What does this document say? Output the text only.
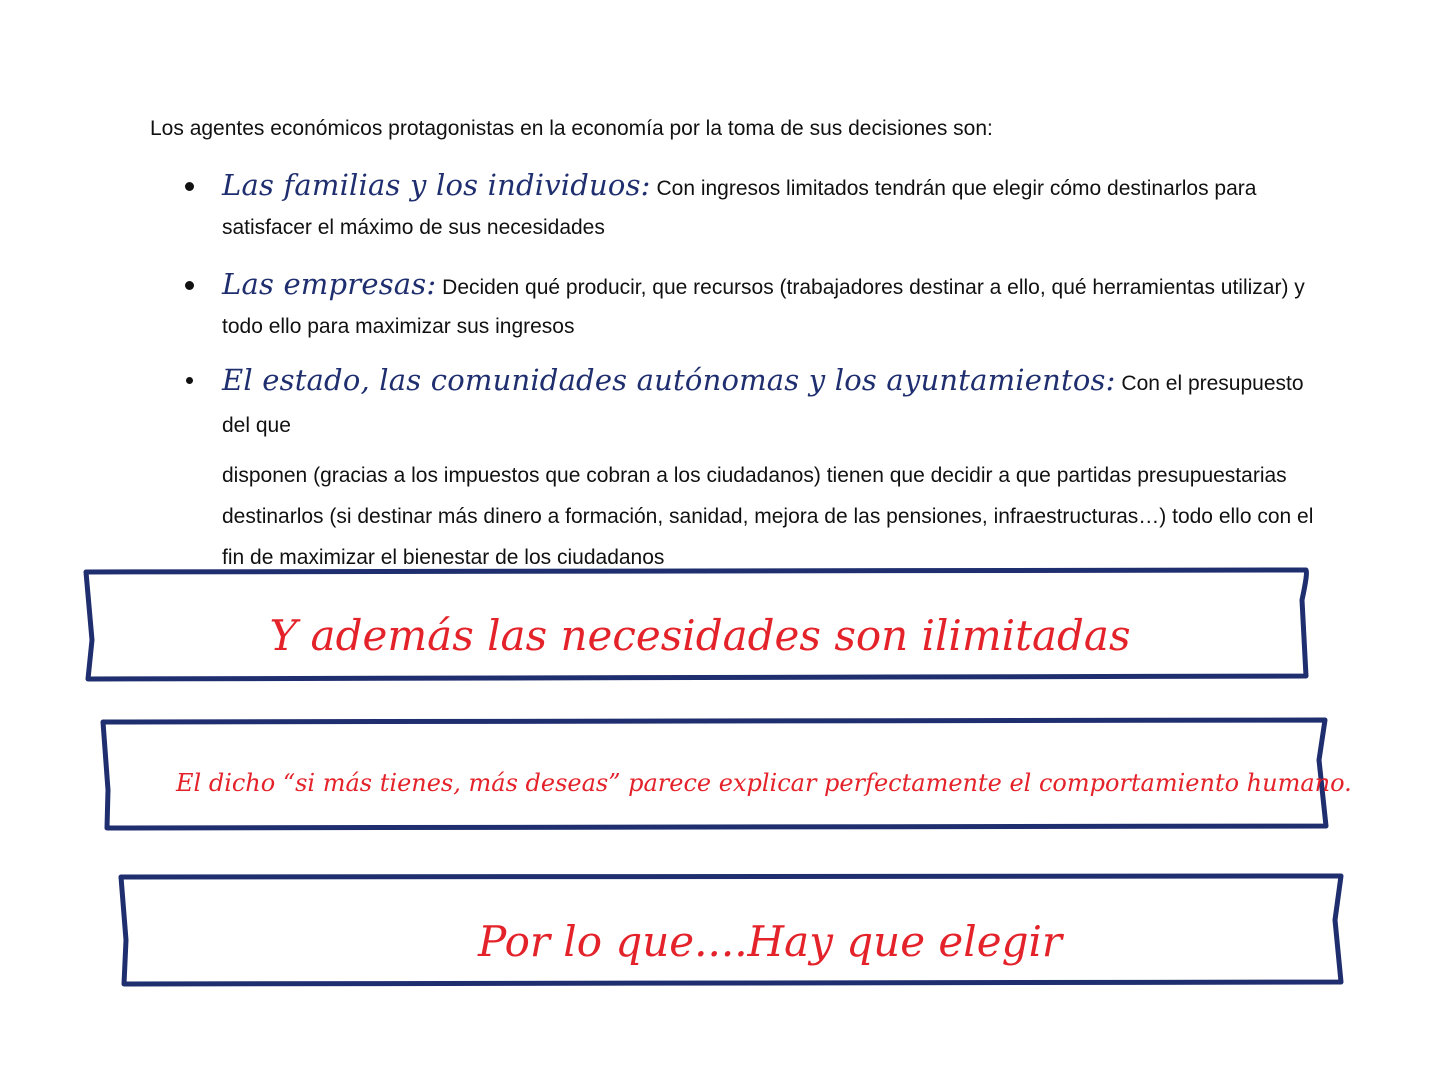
Los agentes económicos protagonistas en la economía por la toma de sus decisiones son:
Las familias y los individuos: Con ingresos limitados tendrán que elegir cómo destinarlos para satisfacer el máximo de sus necesidades
Las empresas: Deciden qué producir, que recursos (trabajadores destinar a ello, qué herramientas utilizar) y todo ello para maximizar sus ingresos
El estado, las comunidades autónomas y los ayuntamientos: Con el presupuesto del que
disponen (gracias a los impuestos que cobran a los ciudadanos) tienen que decidir a que partidas presupuestarias destinarlos (si destinar más dinero a formación, sanidad, mejora de las pensiones, infraestructuras…) todo ello con el fin de maximizar el bienestar de los ciudadanos
Y además las necesidades son ilimitadas
El dicho “si más tienes, más deseas” parece explicar perfectamente el comportamiento humano.
Por lo que....Hay que elegir
